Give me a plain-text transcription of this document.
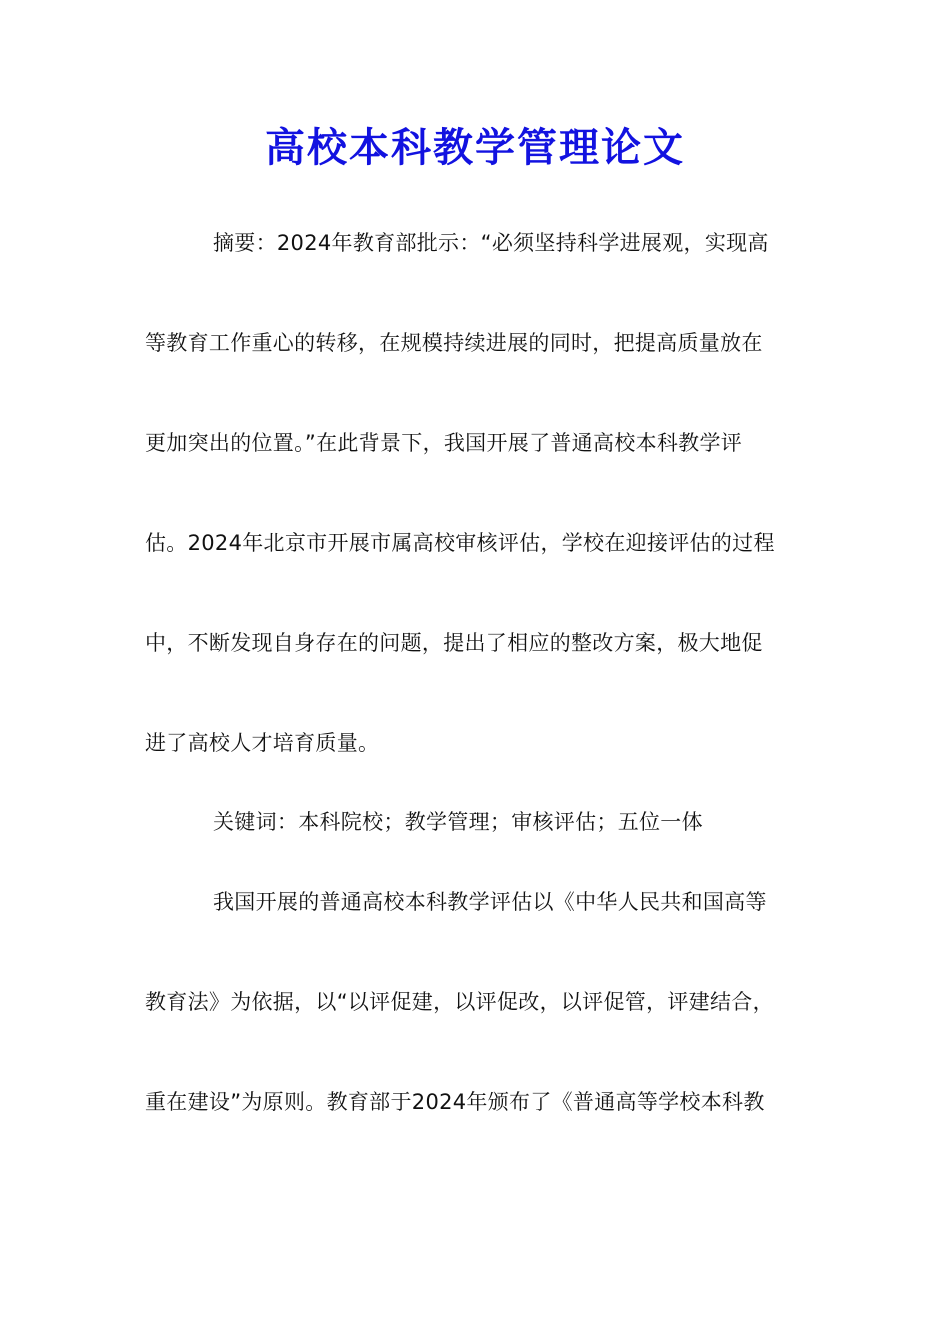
高校本科教学管理论文
摘要：2024年教育部批示：“必须坚持科学进展观，实现高
等教育工作重心的转移，在规模持续进展的同时，把提高质量放在
更加突出的位置。”在此背景下，我国开展了普通高校本科教学评
估。2024年北京市开展市属高校审核评估，学校在迎接评估的过程
中，不断发现自身存在的问题，提出了相应的整改方案，极大地促
进了高校人才培育质量。
关键词：本科院校；教学管理；审核评估；五位一体
我国开展的普通高校本科教学评估以《中华人民共和国高等
教育法》为依据，以“以评促建，以评促改，以评促管，评建结合，
重在建设”为原则。教育部于2024年颁布了《普通高等学校本科教
